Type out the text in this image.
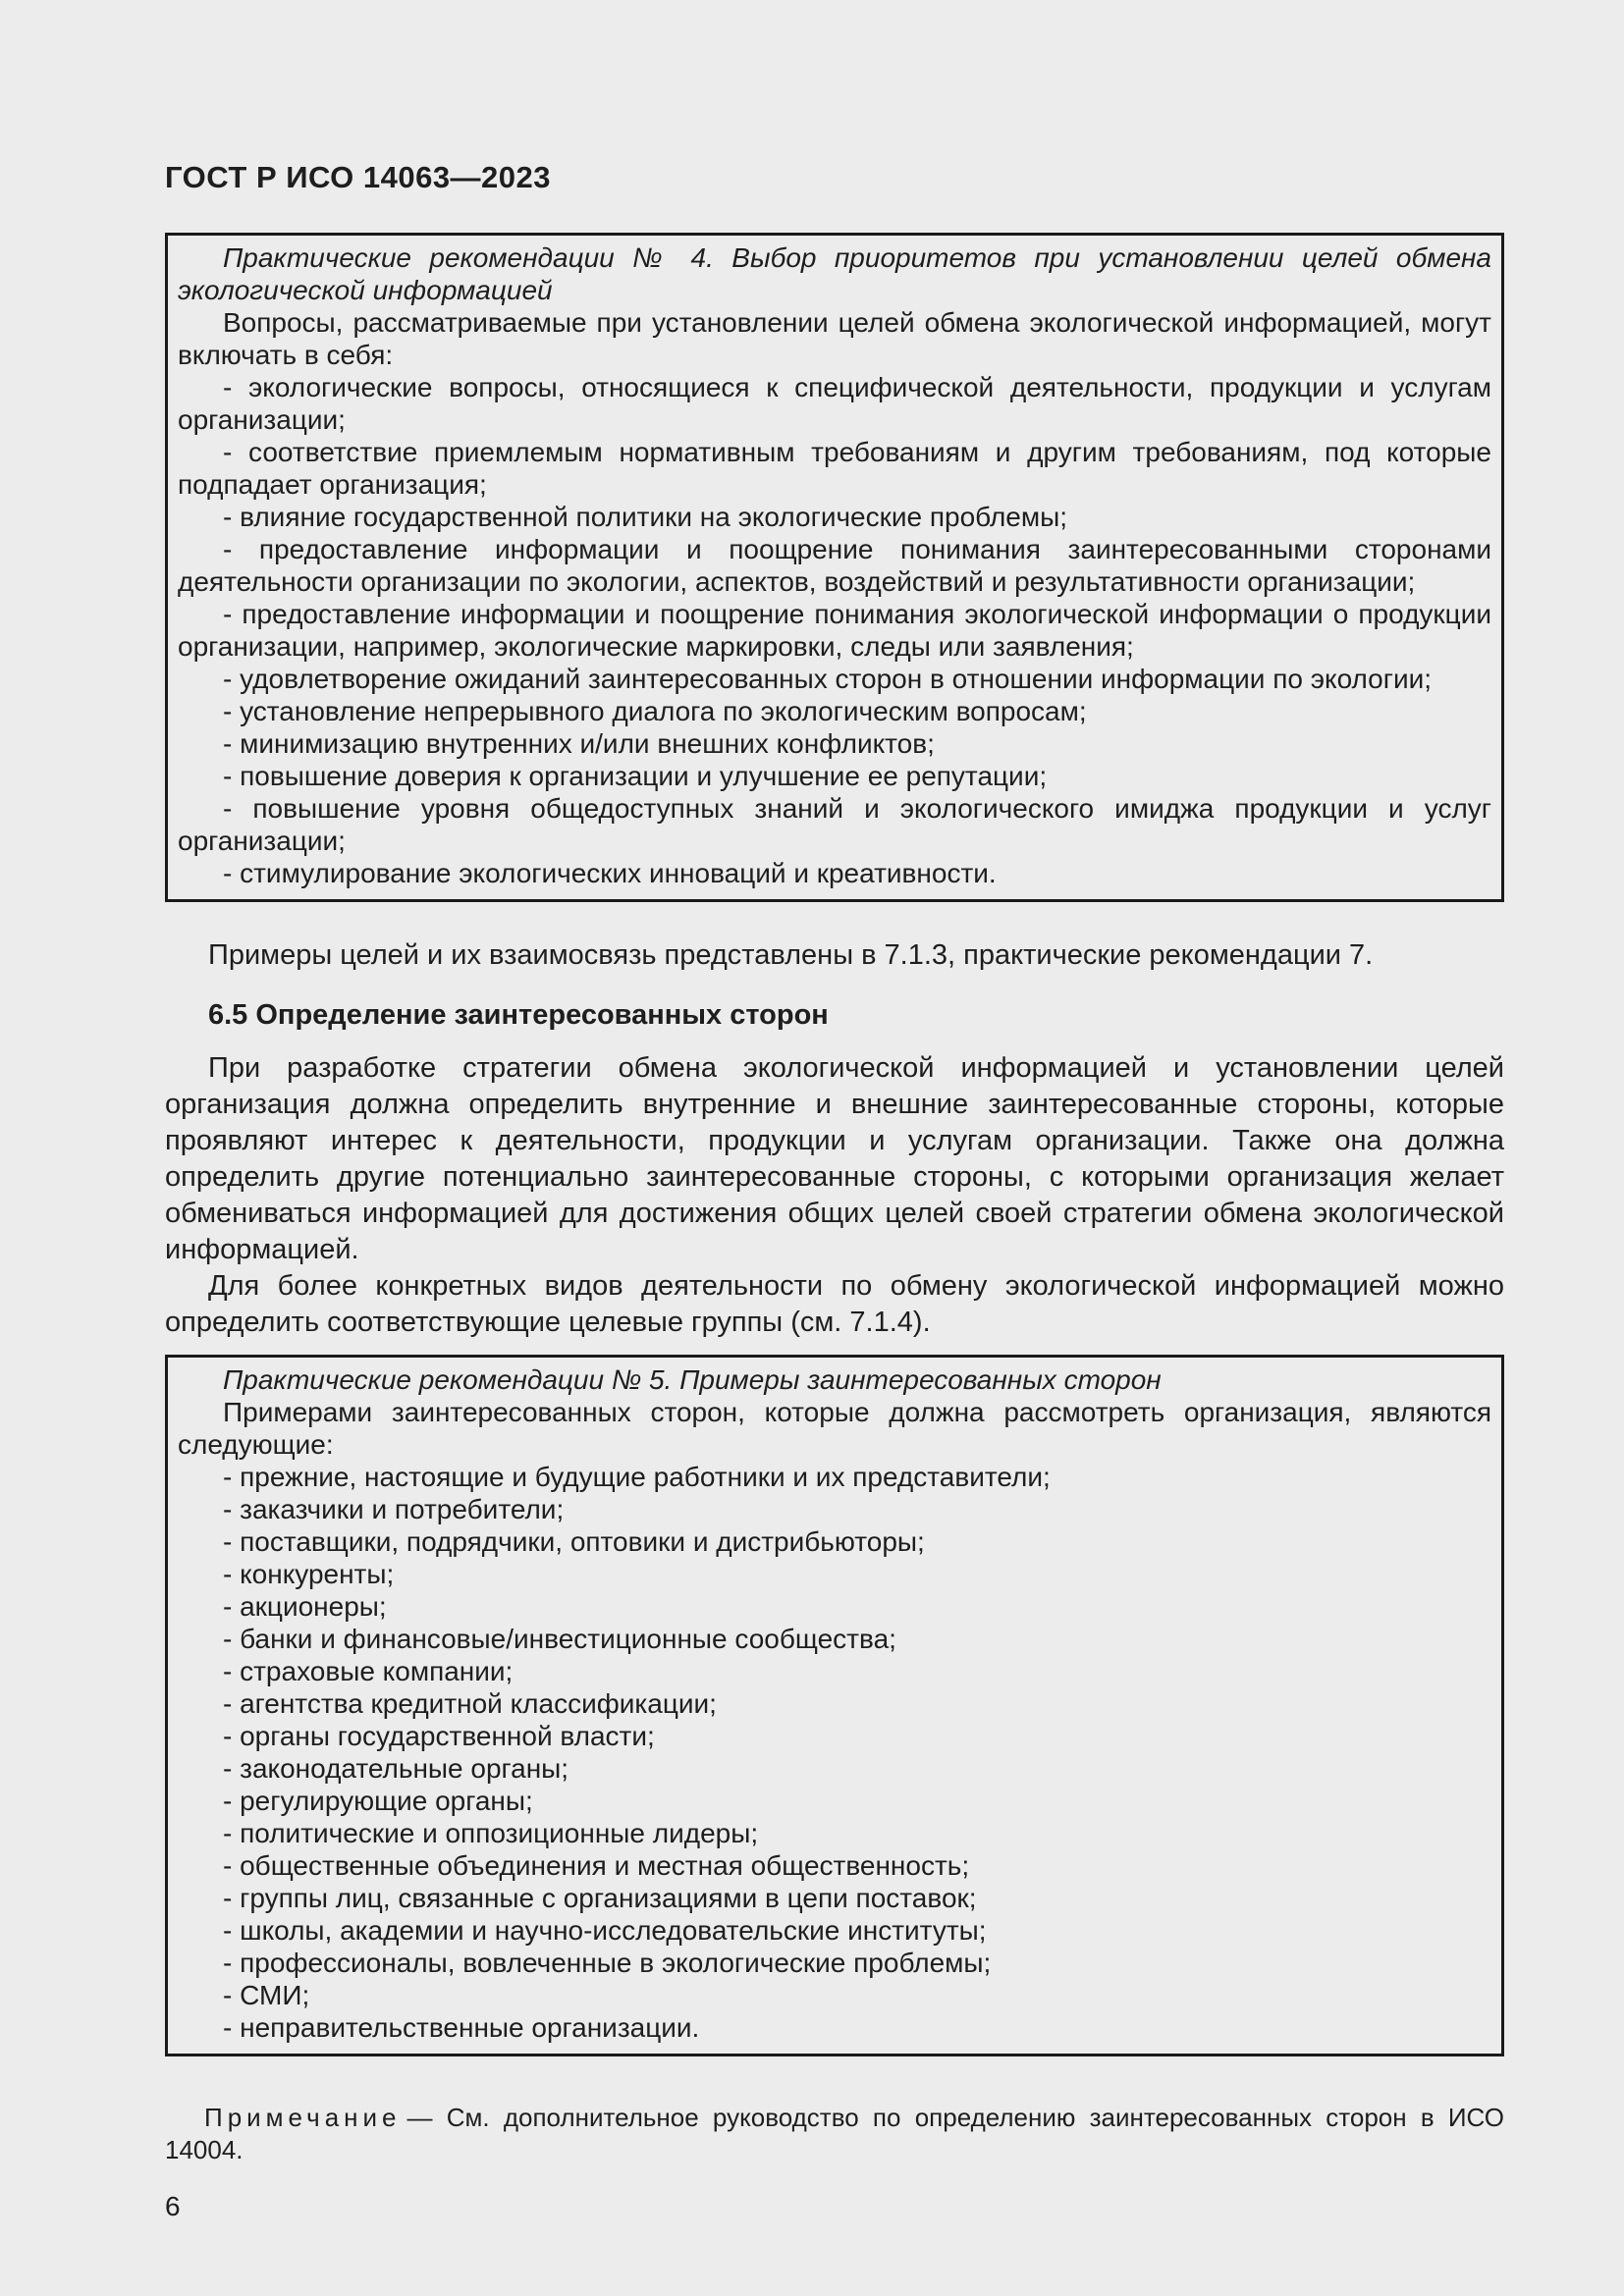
ГОСТ Р ИСО 14063—2023

Практические рекомендации № 4. Выбор приоритетов при установлении целей обмена экологической информацией

Вопросы, рассматриваемые при установлении целей обмена экологической информацией, могут включать в себя:

- экологические вопросы, относящиеся к специфической деятельности, продукции и услугам организации;

- соответствие приемлемым нормативным требованиям и другим требованиям, под которые подпадает организация;

- влияние государственной политики на экологические проблемы;

- предоставление информации и поощрение понимания заинтересованными сторонами деятельности организации по экологии, аспектов, воздействий и результативности организации;

- предоставление информации и поощрение понимания экологической информации о продукции организации, например, экологические маркировки, следы или заявления;

- удовлетворение ожиданий заинтересованных сторон в отношении информации по экологии;

- установление непрерывного диалога по экологическим вопросам;

- минимизацию внутренних и/или внешних конфликтов;

- повышение доверия к организации и улучшение ее репутации;

- повышение уровня общедоступных знаний и экологического имиджа продукции и услуг организации;

- стимулирование экологических инноваций и креативности.

Примеры целей и их взаимосвязь представлены в 7.1.3, практические рекомендации 7.

6.5 Определение заинтересованных сторон

При разработке стратегии обмена экологической информацией и установлении целей организация должна определить внутренние и внешние заинтересованные стороны, которые проявляют интерес к деятельности, продукции и услугам организации. Также она должна определить другие потенциально заинтересованные стороны, с которыми организация желает обмениваться информацией для достижения общих целей своей стратегии обмена экологической информацией.

Для более конкретных видов деятельности по обмену экологической информацией можно определить соответствующие целевые группы (см. 7.1.4).

Практические рекомендации № 5. Примеры заинтересованных сторон

Примерами заинтересованных сторон, которые должна рассмотреть организация, являются следующие:

- прежние, настоящие и будущие работники и их представители;

- заказчики и потребители;

- поставщики, подрядчики, оптовики и дистрибьюторы;

- конкуренты;

- акционеры;

- банки и финансовые/инвестиционные сообщества;

- страховые компании;

- агентства кредитной классификации;

- органы государственной власти;

- законодательные органы;

- регулирующие органы;

- политические и оппозиционные лидеры;

- общественные объединения и местная общественность;

- группы лиц, связанные с организациями в цепи поставок;

- школы, академии и научно-исследовательские институты;

- профессионалы, вовлеченные в экологические проблемы;

- СМИ;

- неправительственные организации.

Примечание — См. дополнительное руководство по определению заинтересованных сторон в ИСО 14004.

6
